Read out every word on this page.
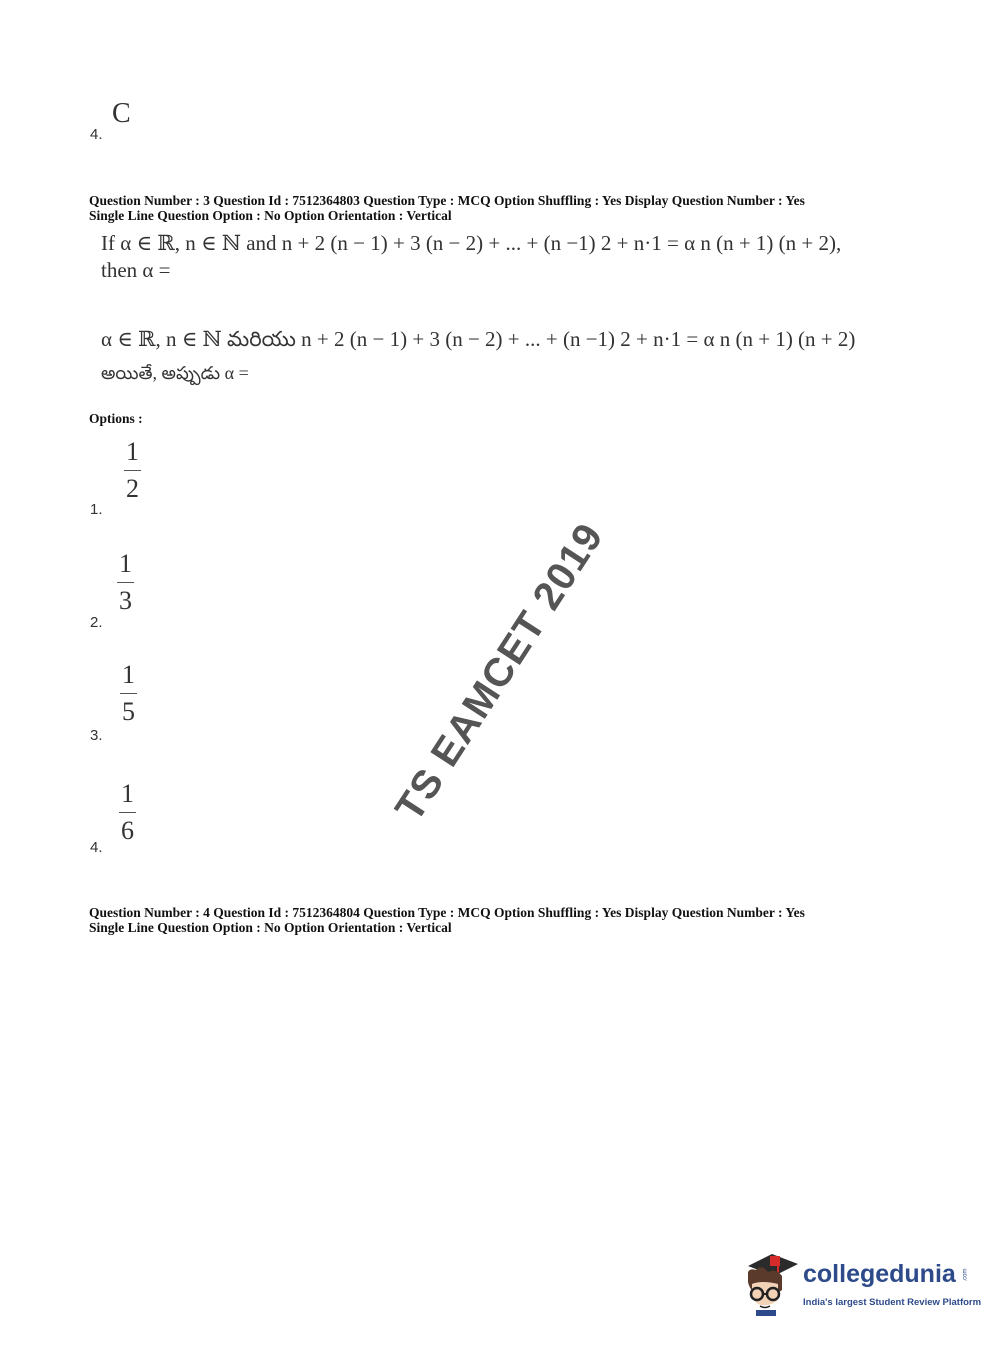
C
4.
Question Number : 3 Question Id : 7512364803 Question Type : MCQ Option Shuffling : Yes Display Question Number : Yes
Single Line Question Option : No Option Orientation : Vertical
If α ∈ ℝ, n ∈ ℕ and n + 2 (n − 1) + 3 (n − 2) + ... + (n −1) 2 + n·1 = α n (n + 1) (n + 2),
then α =
α ∈ ℝ, n ∈ ℕ మరియు n + 2 (n − 1) + 3 (n − 2) + ... + (n −1) 2 + n·1 = α n (n + 1) (n + 2)
అయితే, అప్పుడు α =
Options :
1
2
1.
1
3
2.
1
5
3.
1
6
4.
TS EAMCET 2019
Question Number : 4 Question Id : 7512364804 Question Type : MCQ Option Shuffling : Yes Display Question Number : Yes
Single Line Question Option : No Option Orientation : Vertical
collegedunia .com
India's largest Student Review Platform
